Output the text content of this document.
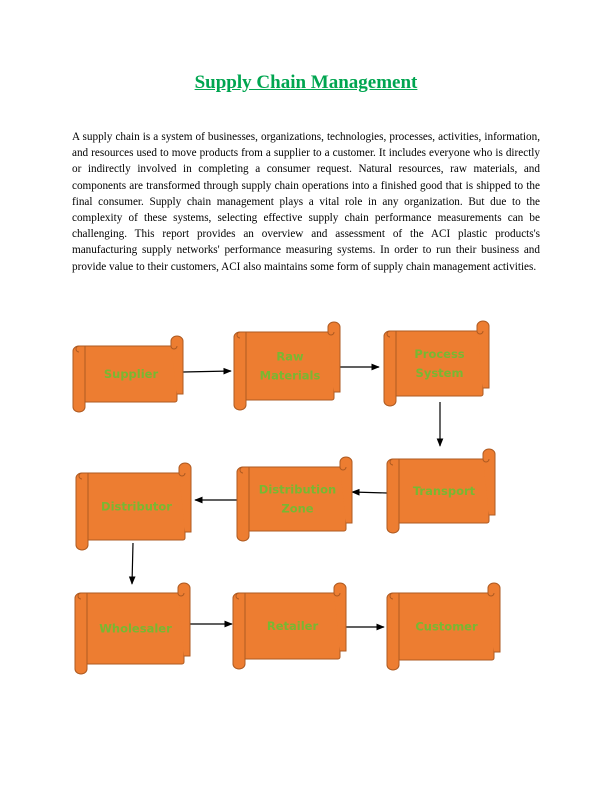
Supply Chain Management

A supply chain is a system of businesses, organizations, technologies, processes, activities, information, and resources used to move products from a supplier to a customer. It includes everyone who is directly or indirectly involved in completing a consumer request. Natural resources, raw materials, and components are transformed through supply chain operations into a finished good that is shipped to the final consumer. Supply chain management plays a vital role in any organization. But due to the complexity of these systems, selecting effective supply chain performance measurements can be challenging. This report provides an overview and assessment of the ACI plastic products's manufacturing supply networks' performance measuring systems. In order to run their business and provide value to their customers, ACI also maintains some form of supply chain management activities.

Supplier
Raw Materials
Process System
Transport
Distribution Zone
Distributor
Wholesaler	Retailer	Customer
